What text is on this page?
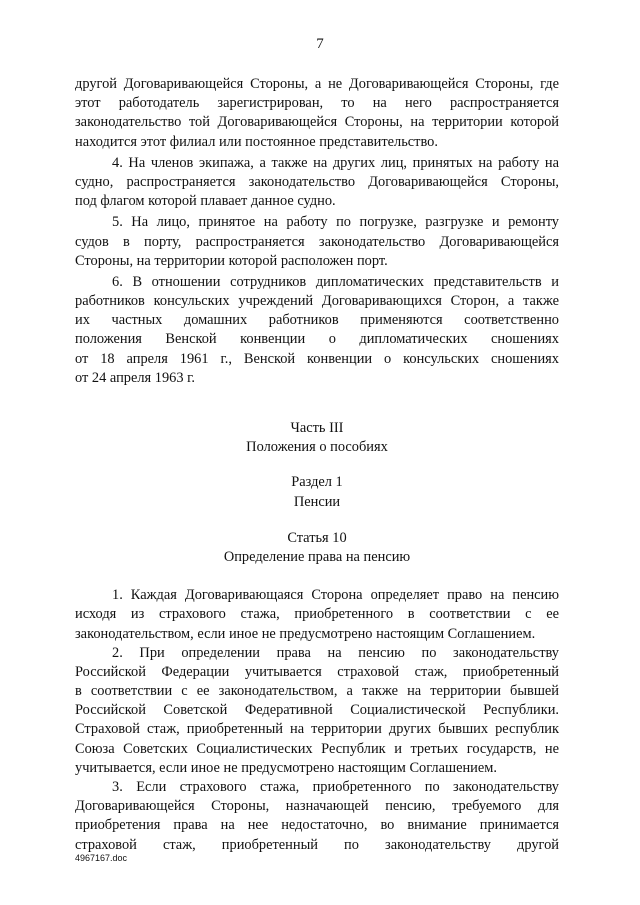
7
другой Договаривающейся Стороны, а не Договаривающейся Стороны, где
этот работодатель зарегистрирован, то на него распространяется
законодательство той Договаривающейся Стороны, на территории которой
находится этот филиал или постоянное представительство.
4. На членов экипажа, а также на других лиц, принятых на работу на
судно, распространяется законодательство Договаривающейся Стороны,
под флагом которой плавает данное судно.
5. На лицо, принятое на работу по погрузке, разгрузке и ремонту
судов в порту, распространяется законодательство Договаривающейся
Стороны, на территории которой расположен порт.
6. В отношении сотрудников дипломатических представительств и
работников консульских учреждений Договаривающихся Сторон, а также
их частных домашних работников применяются соответственно
положения Венской конвенции о дипломатических сношениях
от 18 апреля 1961 г., Венской конвенции о консульских сношениях
от 24 апреля 1963 г.
Часть III
Положения о пособиях
Раздел 1
Пенсии
Статья 10
Определение права на пенсию
1. Каждая Договаривающаяся Сторона определяет право на пенсию
исходя из страхового стажа, приобретенного в соответствии с ее
законодательством, если иное не предусмотрено настоящим Соглашением.
2. При определении права на пенсию по законодательству
Российской Федерации учитывается страховой стаж, приобретенный
в соответствии с ее законодательством, а также на территории бывшей
Российской Советской Федеративной Социалистической Республики.
Страховой стаж, приобретенный на территории других бывших республик
Союза Советских Социалистических Республик и третьих государств, не
учитывается, если иное не предусмотрено настоящим Соглашением.
3. Если страхового стажа, приобретенного по законодательству
Договаривающейся Стороны, назначающей пенсию, требуемого для
приобретения права на нее недостаточно, во внимание принимается
страховой стаж, приобретенный по законодательству другой
4967167.doc
